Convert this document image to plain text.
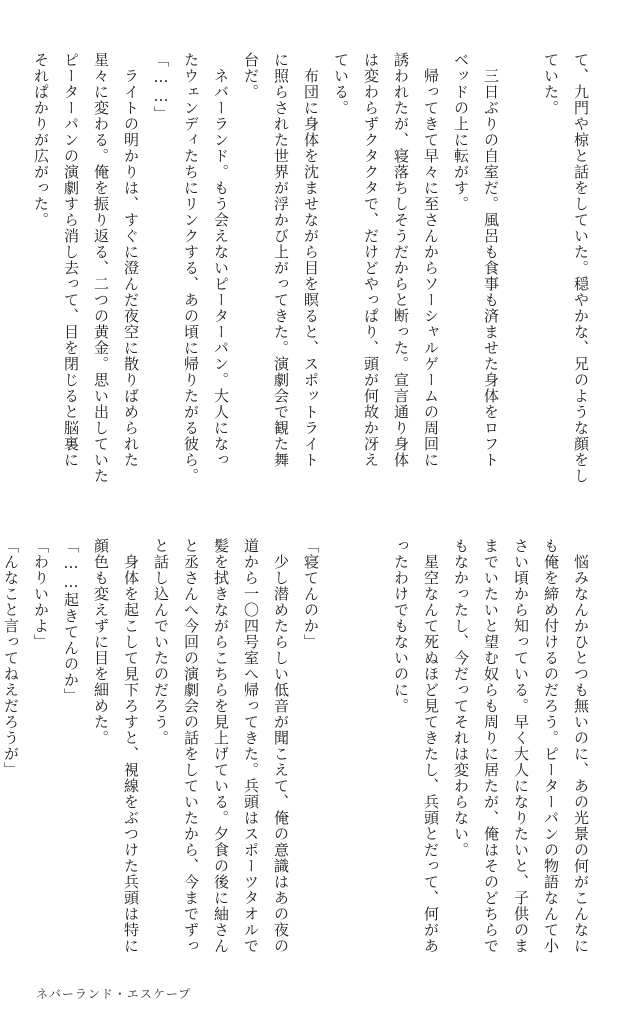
て、九門や椋と話をしていた。穏やかな、兄のような顔をし

ていた。

　三日ぶりの自室だ。風呂も食事も済ませた身体をロフト

ベッドの上に転がす。

　帰ってきて早々に至さんからソーシャルゲームの周回に

誘われたが、寝落ちしそうだからと断った。宣言通り身体

は変わらずクタクタで、だけどやっぱり、頭が何故か冴え

ている。

　布団に身体を沈ませながら目を瞑ると、スポットライト

に照らされた世界が浮かび上がってきた。演劇会で観た舞

台だ。

　ネバーランド。もう会えないピーターパン。大人になっ

たウェンディたちにリンクする、あの頃に帰りたがる彼ら。

「……」

　ライトの明かりは、すぐに澄んだ夜空に散りばめられた

星々に変わる。俺を振り返る、二つの黄金。思い出していた

ピーターパンの演劇すら消し去って、目を閉じると脳裏に

それぱかりが広がった。

　悩みなんかひとつも無いのに、あの光景の何がこんなに

も俺を締め付けるのだろう。ピーターパンの物語なんて小

さい頃から知っている。早く大人になりたいと、子供のま

までいたいと望む奴らも周りに居たが、俺はそのどちらで

もなかったし、今だってそれは変わらない。

　星空なんて死ぬほど見てきたし、兵頭とだって、何があ

ったわけでもないのに。

「寝てんのか」

　少し潜めたらしい低音が聞こえて、俺の意識はあの夜の

道から一〇四号室へ帰ってきた。兵頭はスポーツタオルで

髪を拭きながらこちらを見上げている。夕食の後に紬さん

と丞さんへ今回の演劇会の話をしていたから、今までずっ

と話し込んでいたのだろう。

　身体を起こして見下ろすと、視線をぶつけた兵頭は特に

顔色も変えずに目を細めた。

「……起きてんのか」

「わりいかよ」

「んなこと言ってねえだろうが」

ネバーランド・エスケープ
